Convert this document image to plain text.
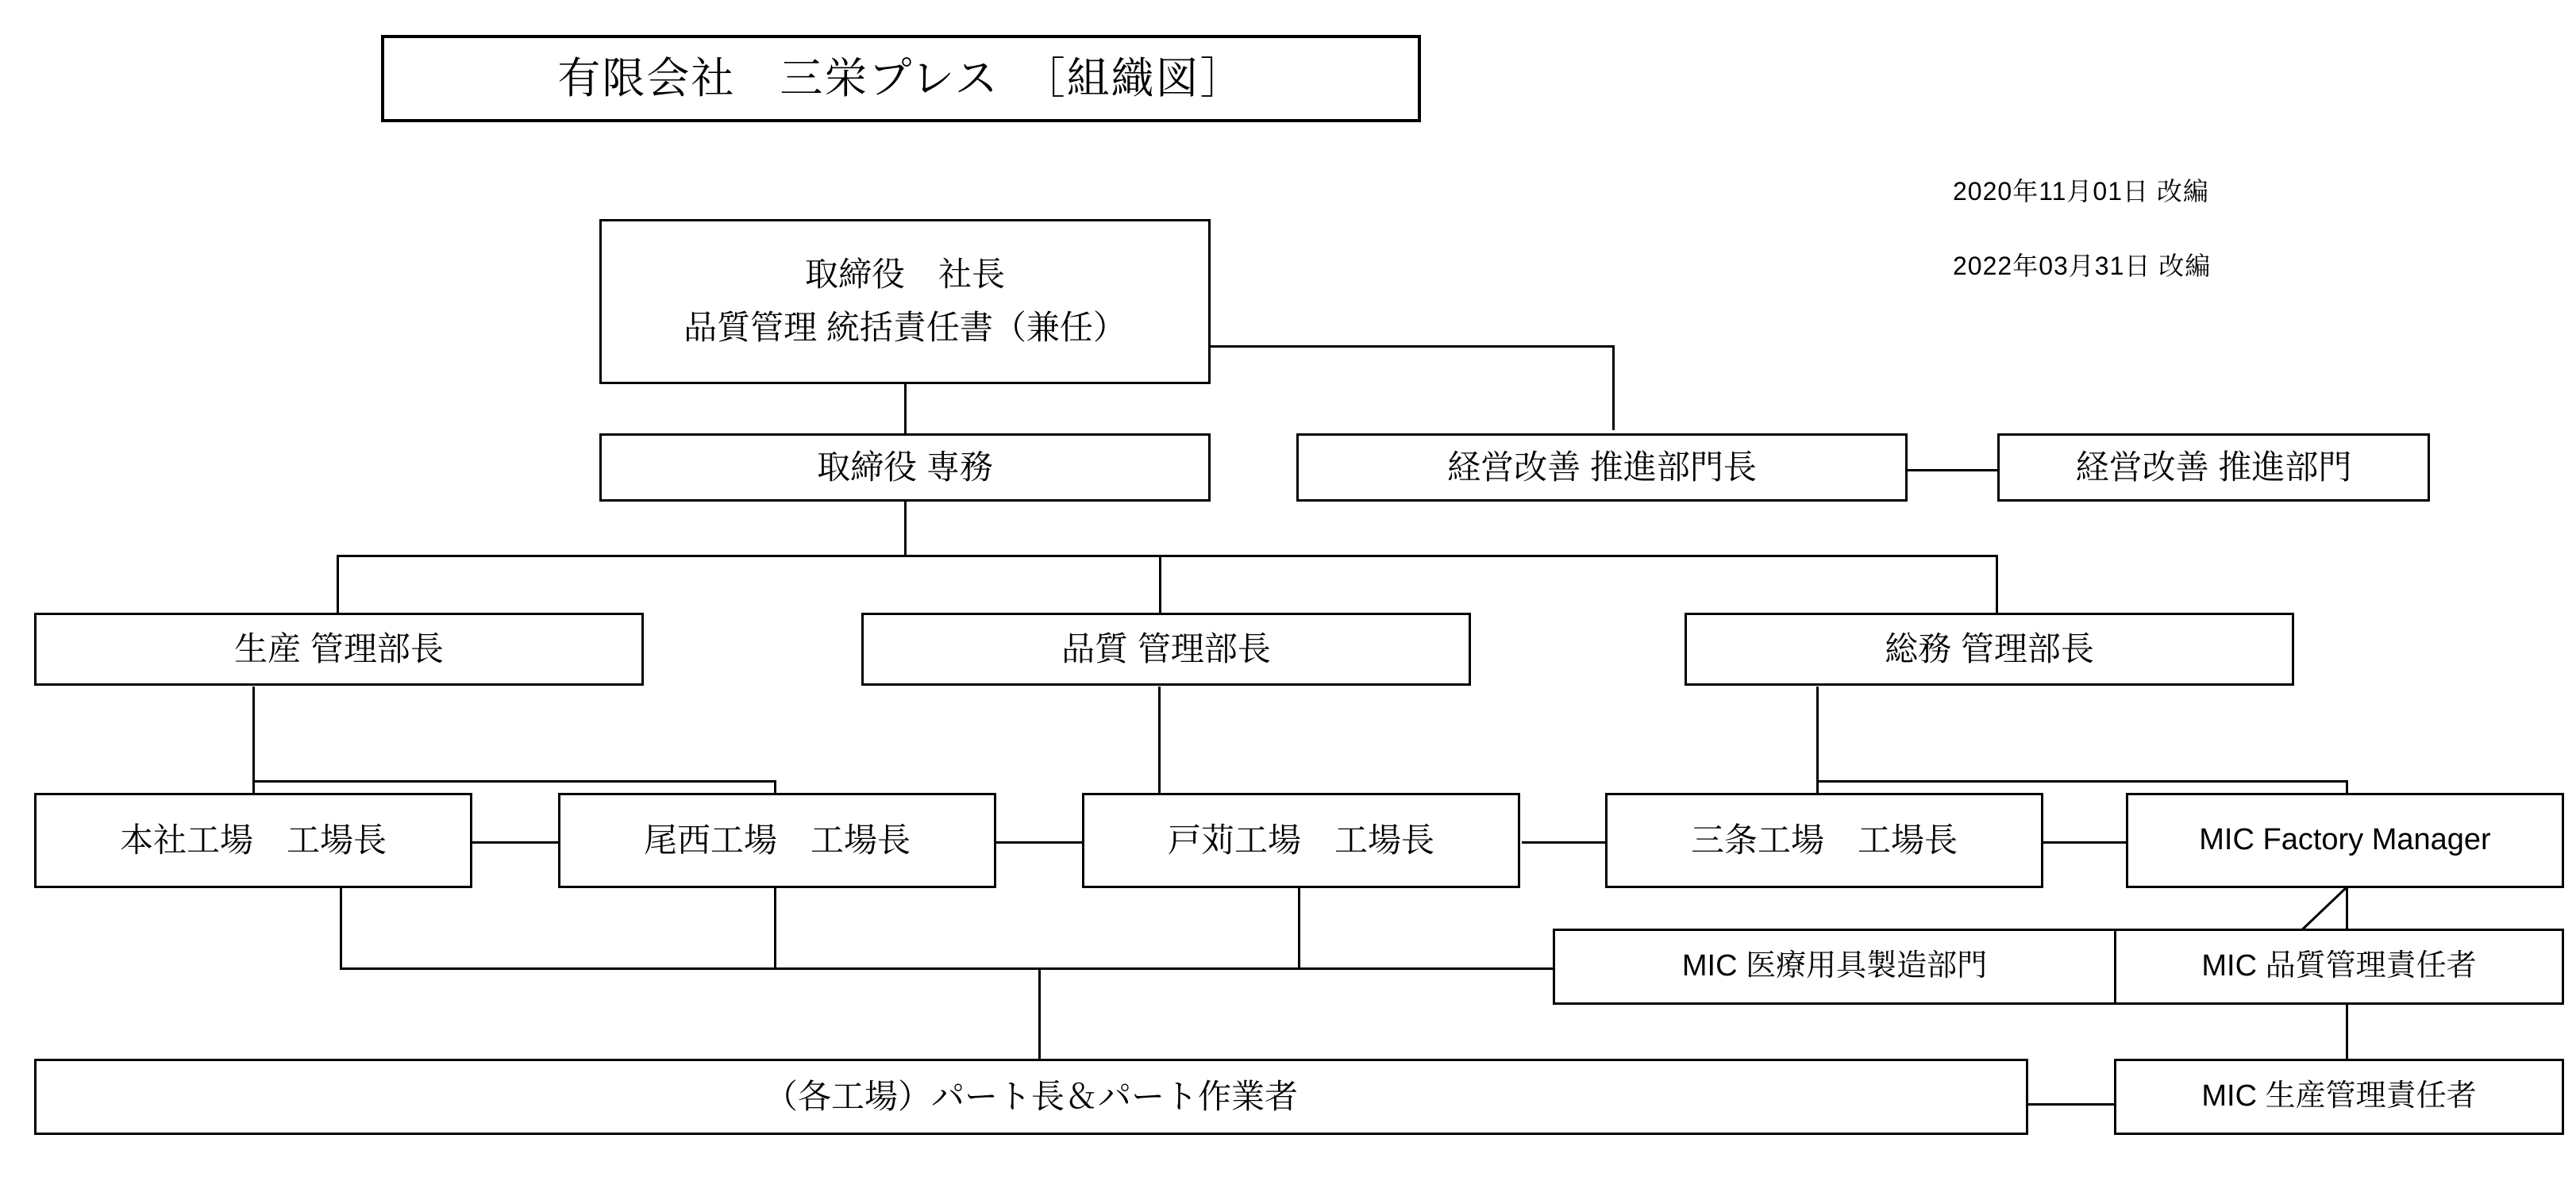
有限会社　三栄プレス　［組織図］
2020年11月01日 改編
2022年03月31日 改編
取締役　社長
品質管理 統括責任書（兼任）
取締役 専務	経営改善 推進部門長	経営改善 推進部門
生産 管理部長	品質 管理部長	総務 管理部長
本社工場　工場長	尾西工場　工場長	戸苅工場　工場長	三条工場　工場長	MIC Factory Manager
MIC 医療用具製造部門	MIC 品質管理責任者
MIC 生産管理責任者
（各工場）パート長＆パート作業者
